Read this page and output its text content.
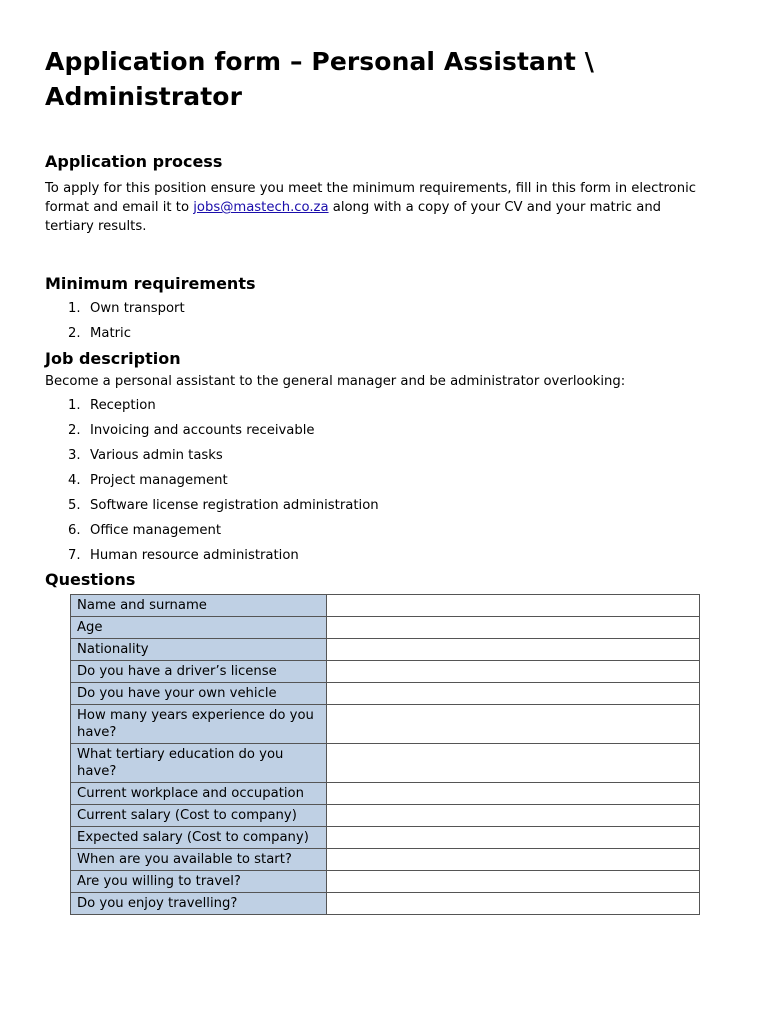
Application form – Personal Assistant \ Administrator
Application process

To apply for this position ensure you meet the minimum requirements, fill in this form in electronic format and email it to jobs@mastech.co.za along with a copy of your CV and your matric and tertiary results.

Minimum requirements
1. Own transport
2. Matric
Job description

Become a personal assistant to the general manager and be administrator overlooking:

1. Reception
2. Invoicing and accounts receivable
3. Various admin tasks
4. Project management
5. Software license registration administration
6. Office management
7. Human resource administration
Questions
Name and surname	
Age	
Nationality	
Do you have a driver’s license	
Do you have your own vehicle	
How many years experience do you have?	
What tertiary education do you have?	
Current workplace and occupation	
Current salary (Cost to company)	
Expected salary (Cost to company)	
When are you available to start?	
Are you willing to travel?	
Do you enjoy travelling?	
